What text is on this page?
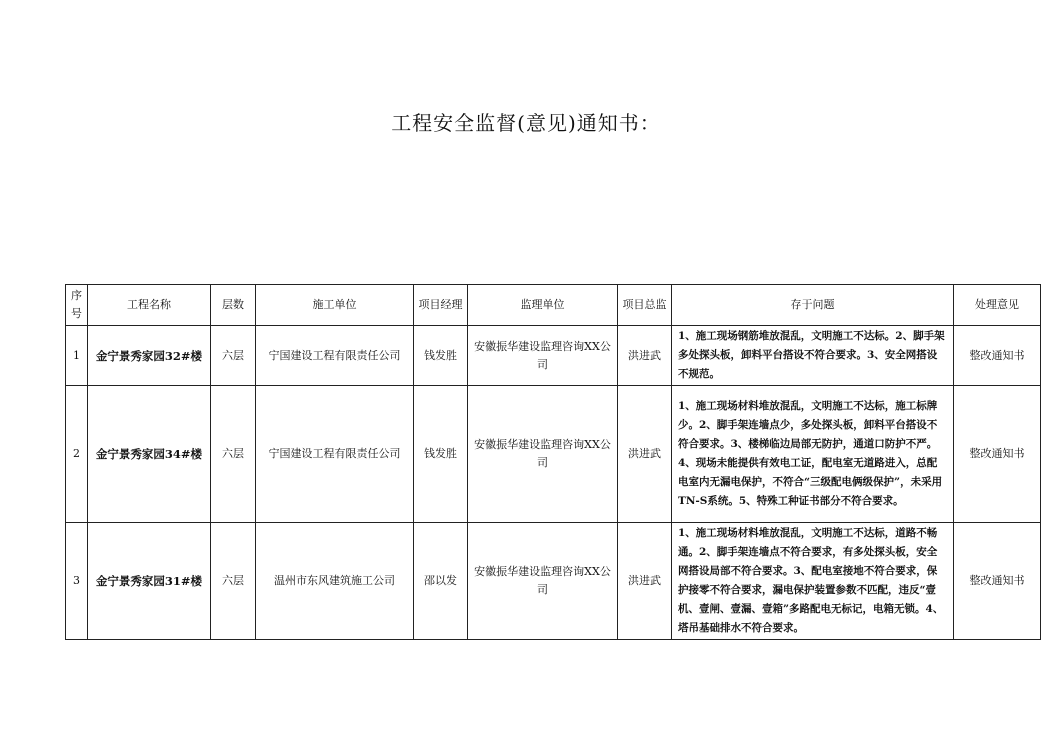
工程安全监督(意见)通知书：
序号	工程名称	层数	施工单位	项目经理	监理单位	项目总监	存于问题	处理意见
1	金宁景秀家园32#楼	六层	宁国建设工程有限责任公司	钱发胜	安徽振华建设监理咨询XX公司	洪进武	1、施工现场钢筋堆放混乱，文明施工不达标。2、脚手架多处探头板，卸料平台搭设不符合要求。3、安全网搭设不规范。	整改通知书
2	金宁景秀家园34#楼	六层	宁国建设工程有限责任公司	钱发胜	安徽振华建设监理咨询XX公司	洪进武	1、施工现场材料堆放混乱，文明施工不达标，施工标牌少。2、脚手架连墙点少，多处探头板，卸料平台搭设不符合要求。3、楼梯临边局部无防护，通道口防护不严。4、现场未能提供有效电工证，配电室无道路进入，总配电室内无漏电保护，不符合“三级配电俩级保护”，未采用TN-S系统。5、特殊工种证书部分不符合要求。	整改通知书
3	金宁景秀家园31#楼	六层	温州市东风建筑施工公司	邵以发	安徽振华建设监理咨询XX公司	洪进武	1、施工现场材料堆放混乱，文明施工不达标，道路不畅通。2、脚手架连墙点不符合要求，有多处探头板，安全网搭设局部不符合要求。3、配电室接地不符合要求，保护接零不符合要求，漏电保护装置参数不匹配，违反“壹机、壹闸、壹漏、壹箱”多路配电无标记，电箱无锁。4、塔吊基础排水不符合要求。	整改通知书
